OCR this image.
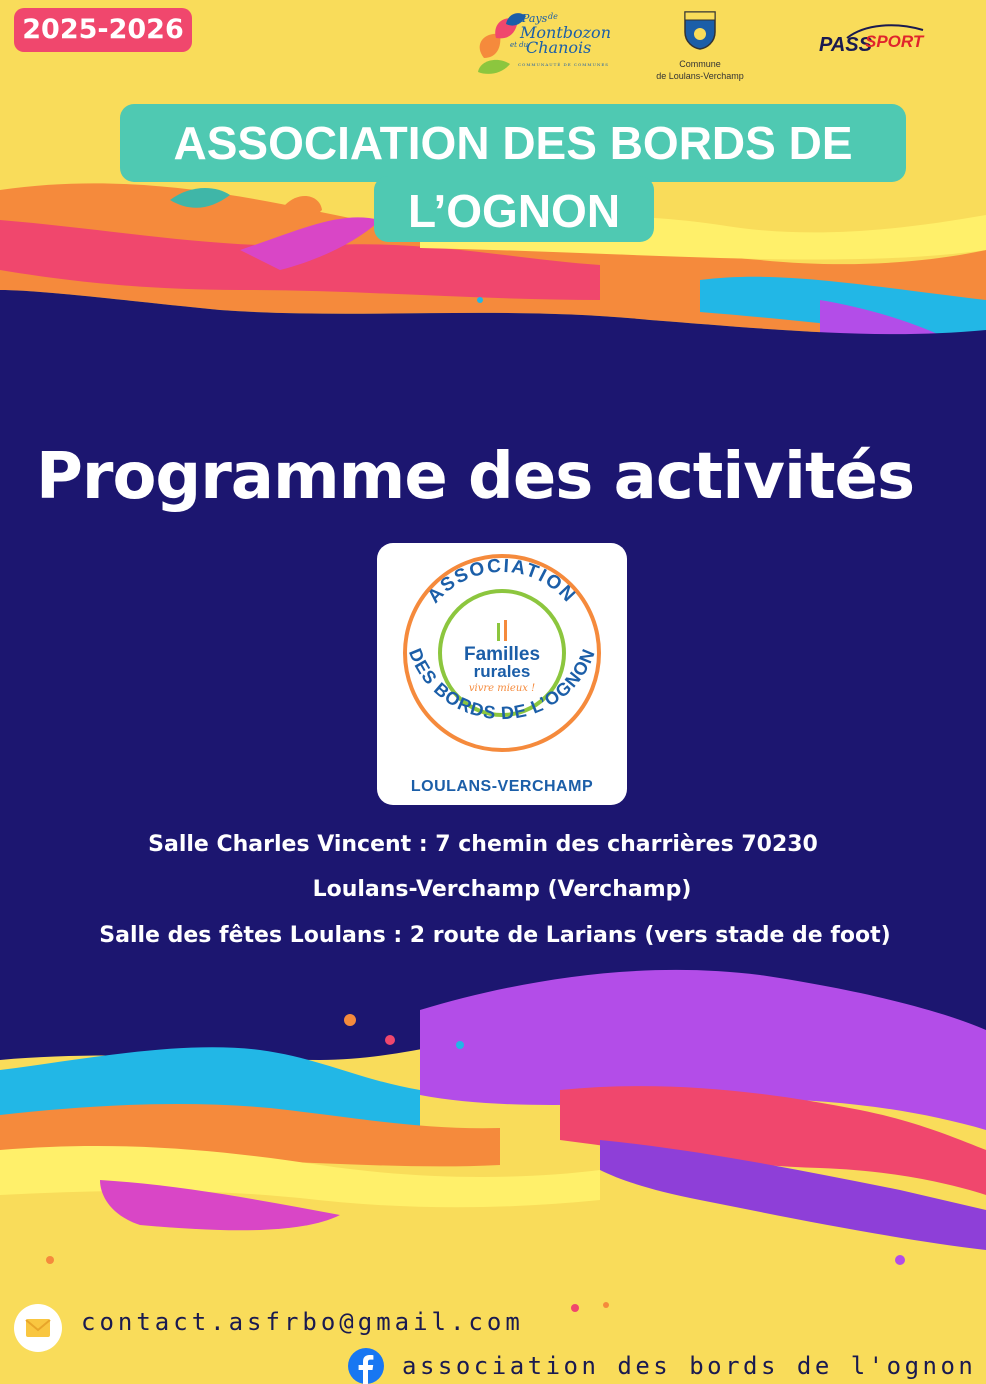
2025-2026	Pays de
Montbozon
et du
Chanois
COMMUNAUTÉ DE COMMUNES	Commune
de Loulans-Verchamp
PASS
SPORT
ASSOCIATION DES BORDS DE
L’OGNON
Programme des activités
ASSOCIATION
DES BORDS DE L’OGNON
Familles
rurales
vivre mieux !
LOULANS-VERCHAMP
Salle Charles Vincent : 7 chemin des charrières 70230
Loulans-Verchamp (Verchamp)
Salle des fêtes Loulans : 2 route de Larians (vers stade de foot)
contact.asfrbo@gmail.com
association des bords de l'ognon
